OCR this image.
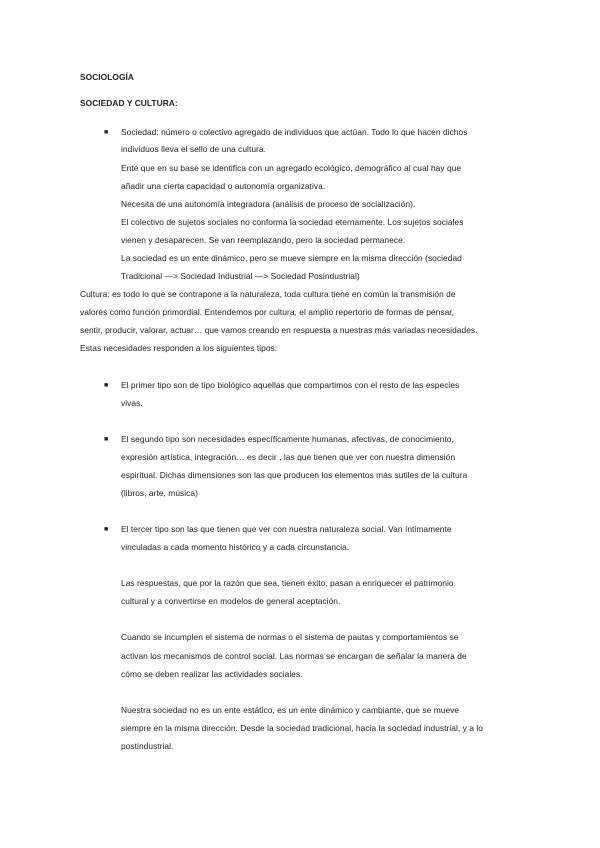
SOCIOLOGÍA
SOCIEDAD Y CULTURA:
■
Sociedad: número o colectivo agregado de individuos que actúan. Todo lo que hacen dichos
individuos lleva el sello de una cultura.
Ente que en su base se identifica con un agregado ecológico, demográfico al cual hay que
añadir una cierta capacidad o autonomía organizativa.
Necesita de una autonomía integradora (análisis de proceso de socialización).
El colectivo de sujetos sociales no conforma la sociedad eternamente. Los sujetos sociales
vienen y desaparecen. Se van reemplazando, pero la sociedad permanece.
La sociedad es un ente dinámico, pero se mueve siempre en la misma dirección (sociedad
Tradicional —> Sociedad Industrial —> Sociedad Posindustrial)
Cultura: es todo lo que se contrapone a la naturaleza, toda cultura tiene en común la transmisión de
valores como función primordial. Entendemos por cultura, el amplio repertorio de formas de pensar,
sentir, producir, valorar, actuar… que vamos creando en respuesta a nuestras más variadas necesidades.
Estas necesidades responden a los siguientes tipos:
■
El primer tipo son de tipo biológico aquellas que compartimos con el resto de las especies
vivas.
■
El segundo tipo son necesidades específicamente humanas, afectivas, de conocimiento,
expresión artística, integración… es decir , las que tienen que ver con nuestra dimensión
espiritual. Dichas dimensiones son las que producen los elementos más sutiles de la cultura
(libros, arte, música)
■
El tercer tipo son las que tienen que ver con nuestra naturaleza social. Van íntimamente
vinculadas a cada momento histórico y a cada circunstancia.
Las respuestas, que por la razón que sea, tienen éxito, pasan a enriquecer el patrimonio
cultural y a convertirse en modelos de general aceptación.
Cuando se incumplen el sistema de normas o el sistema de pautas y comportamientos se
activan los mecanismos de control social. Las normas se encargan de señalar la manera de
cómo se deben realizar las actividades sociales.
Nuestra sociedad no es un ente estático, es un ente dinámico y cambiante, que se mueve
siempre en la misma dirección. Desde la sociedad tradicional, hacia la sociedad industrial, y a lo
postindustrial.
